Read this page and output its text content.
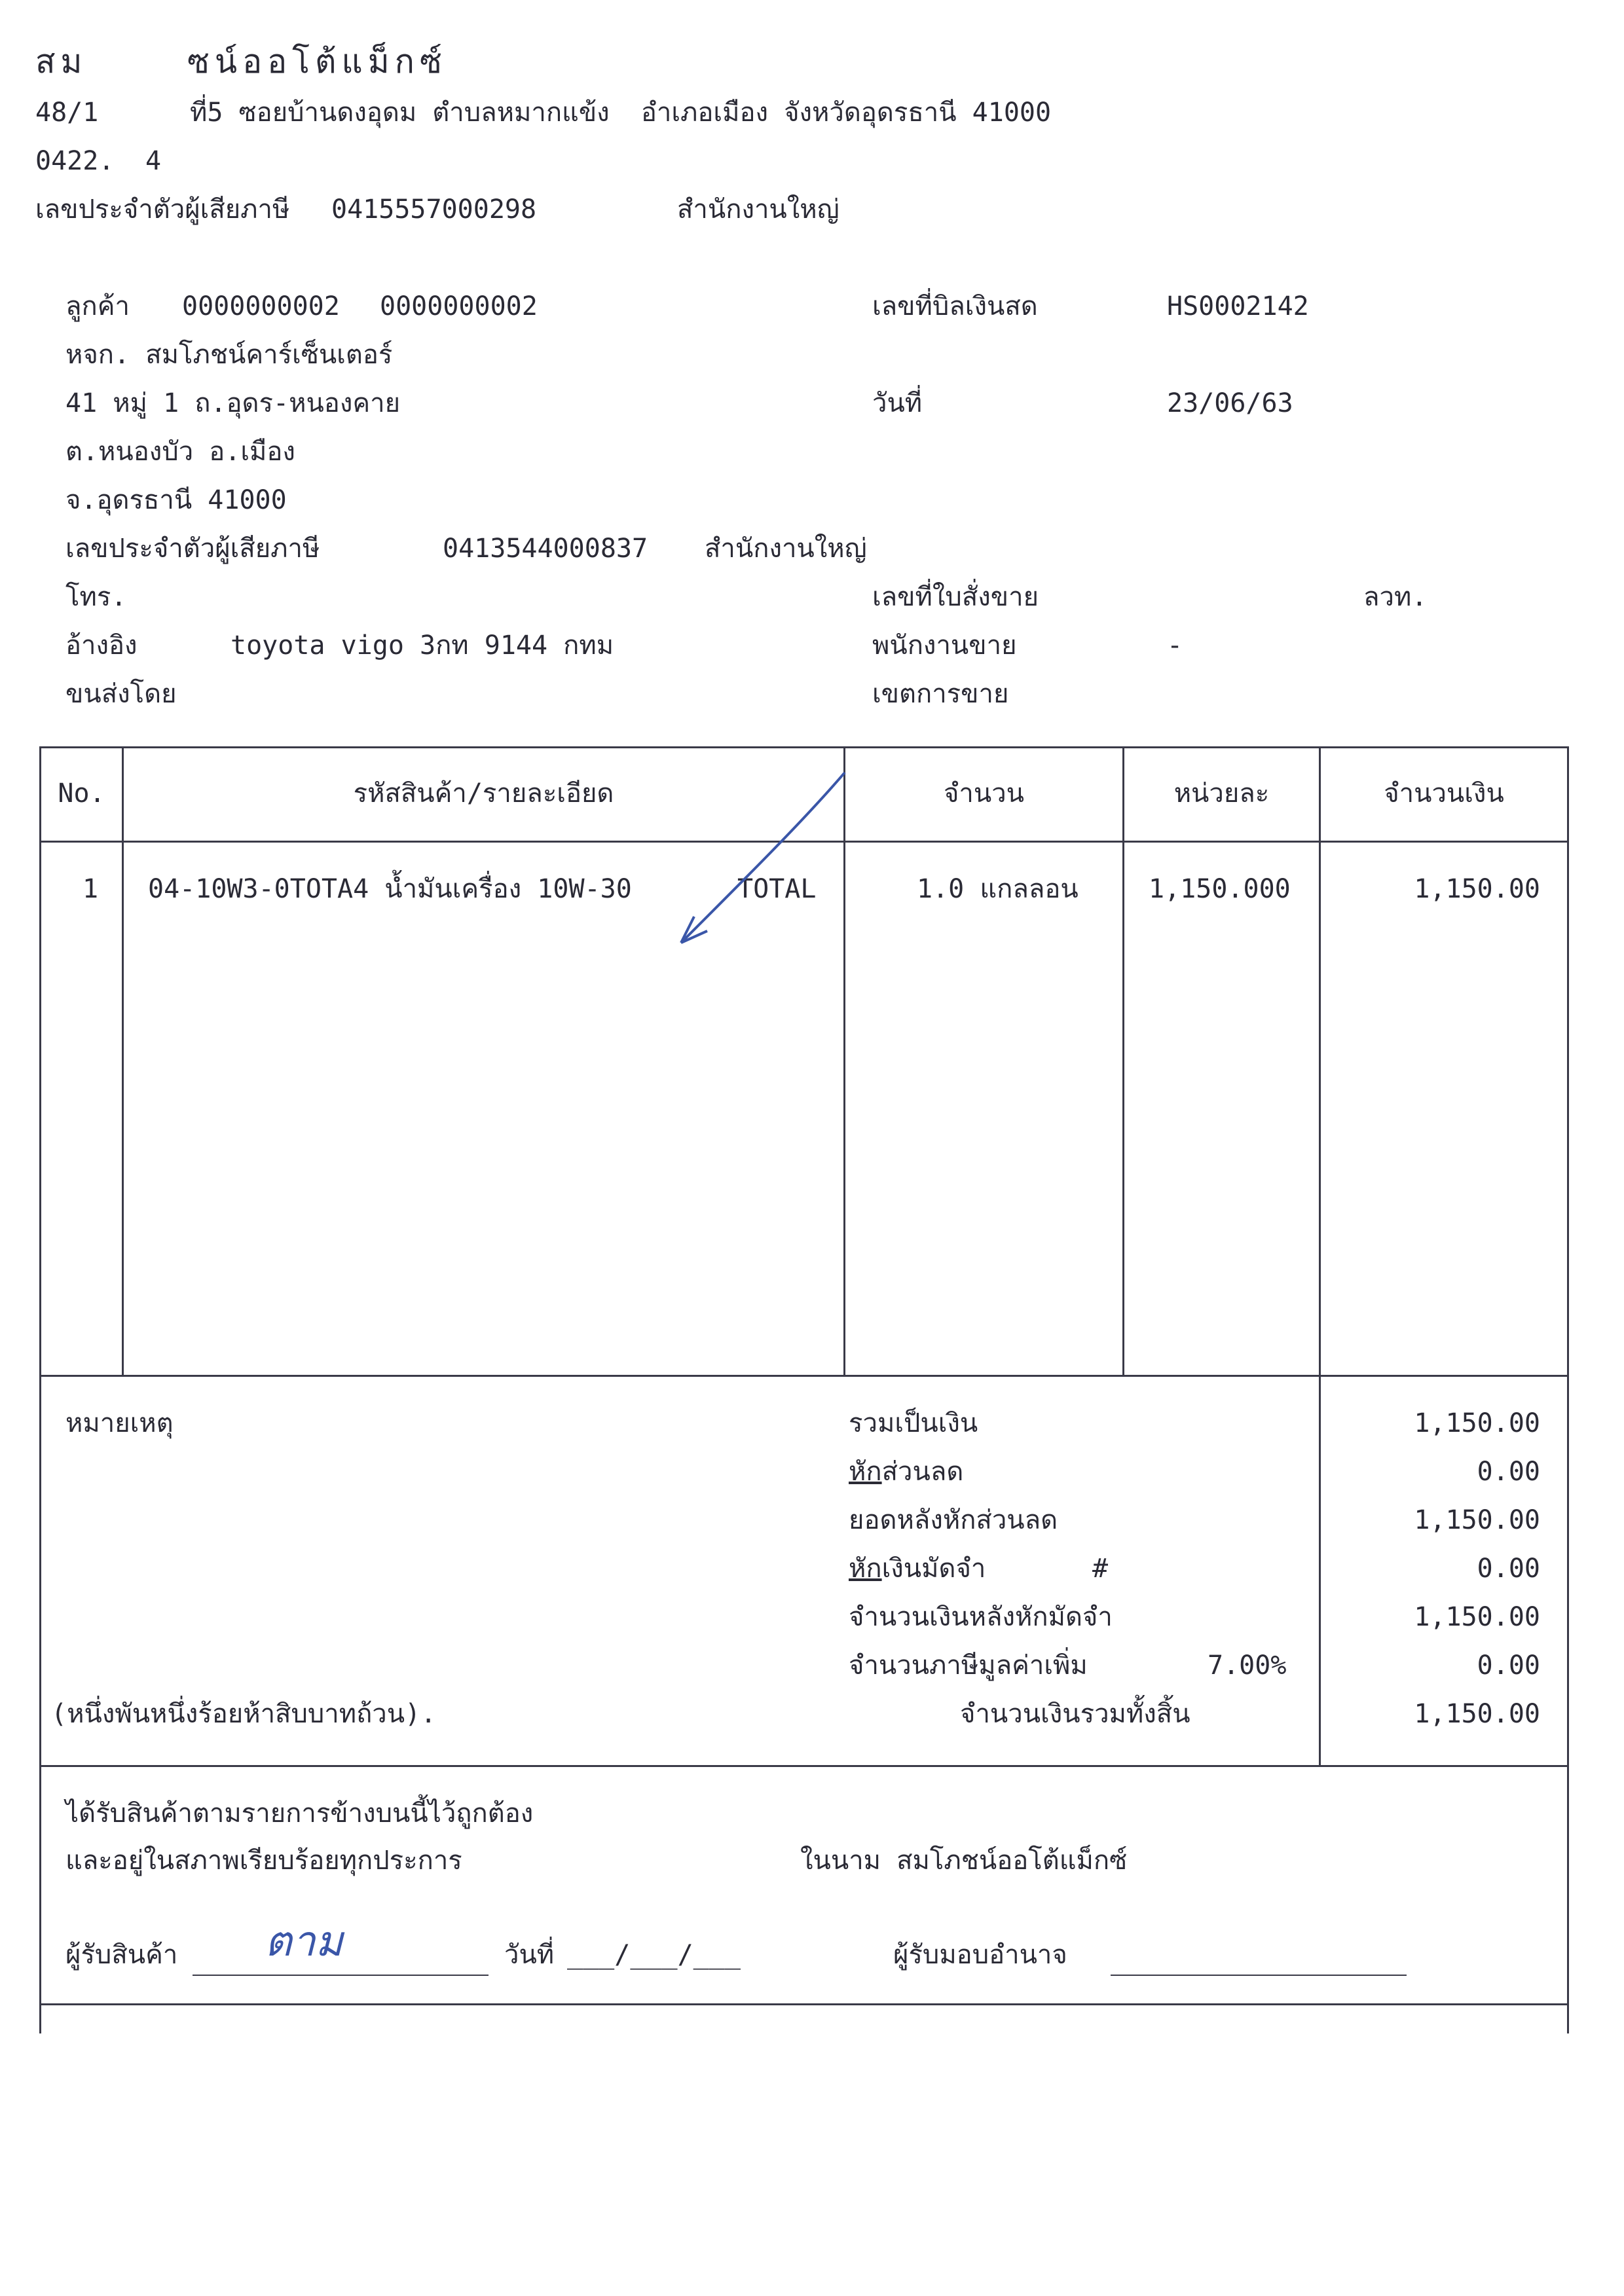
สม	ซน์ออโต้แม็กซ์
48/1	ที่5 ซอยบ้านดงอุดม ตำบลหมากแข้ง  อำเภอเมือง จังหวัดอุดรธานี 41000
0422. 4
เลขประจำตัวผู้เสียภาษี 0415557000298	สำนักงานใหญ่
ลูกค้า 0000000002 0000000002
หจก. สมโภชน์คาร์เซ็นเตอร์
41 หมู่ 1 ถ.อุดร-หนองคาย
ต.หนองบัว อ.เมือง
จ.อุดรธานี 41000
เลขประจำตัวผู้เสียภาษี	0413544000837 สำนักงานใหญ่
โทร.
อ้างอิง	toyota vigo 3กท 9144 กทม
ขนส่งโดย
เลขที่บิลเงินสด	HS0002142
วันที่	23/06/63
เลขที่ใบสั่งขาย	ลวท.
พนักงานขาย	-
เขตการขาย
No.	รหัสสินค้า/รายละเอียด	จำนวน	หน่วยละ	จำนวนเงิน
1 04-10W3-0TOTA4 น้ำมันเครื่อง 10W-30	TOTAL	1.0 แกลลอน	1,150.000	1,150.00
หมายเหตุ	รวมเป็นเงิน	1,150.00
หักส่วนลด	0.00
ยอดหลังหักส่วนลด	1,150.00
หักเงินมัดจำ	#	0.00
จำนวนเงินหลังหักมัดจำ	1,150.00
จำนวนภาษีมูลค่าเพิ่ม	7.00%	0.00
จำนวนเงินรวมทั้งสิ้น	1,150.00
(หนึ่งพันหนึ่งร้อยห้าสิบบาทถ้วน).
ได้รับสินค้าตามรายการข้างบนนี้ไว้ถูกต้อง
และอยู่ในสภาพเรียบร้อยทุกประการ	ในนาม สมโภชน์ออโต้แม็กซ์
ผู้รับสินค้า ตาม	วันที่ ___/___/___	ผู้รับมอบอำนาจ
